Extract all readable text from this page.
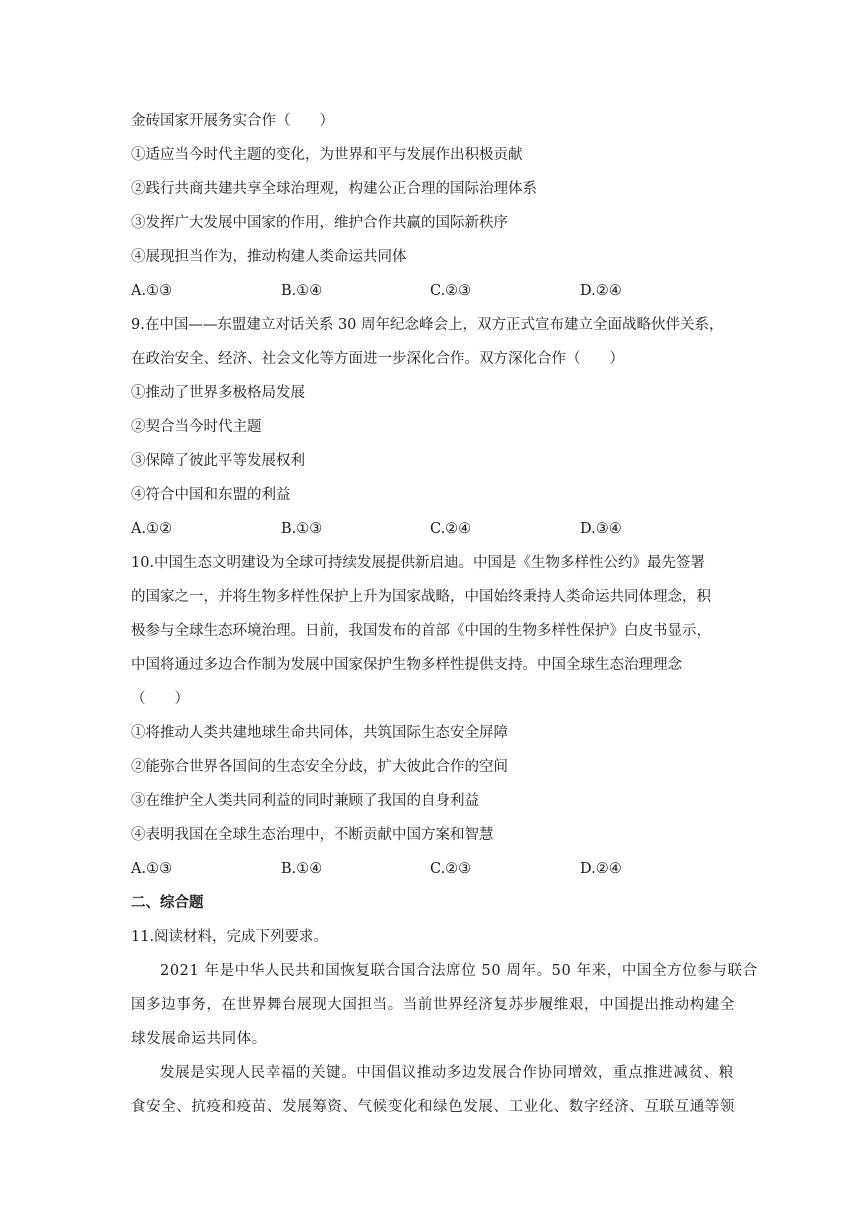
金砖国家开展务实合作（　　）
①适应当今时代主题的变化，为世界和平与发展作出积极贡献
②践行共商共建共享全球治理观，构建公正合理的国际治理体系
③发挥广大发展中国家的作用，维护合作共赢的国际新秩序
④展现担当作为，推动构建人类命运共同体
A.①③	B.①④	C.②③	D.②④
9.在中国——东盟建立对话关系 30 周年纪念峰会上，双方正式宣布建立全面战略伙伴关系，
在政治安全、经济、社会文化等方面进一步深化合作。双方深化合作（　　）
①推动了世界多极格局发展
②契合当今时代主题
③保障了彼此平等发展权利
④符合中国和东盟的利益
A.①②	B.①③	C.②④	D.③④
10.中国生态文明建设为全球可持续发展提供新启迪。中国是《生物多样性公约》最先签署
的国家之一，并将生物多样性保护上升为国家战略，中国始终秉持人类命运共同体理念，积
极参与全球生态环境治理。日前，我国发布的首部《中国的生物多样性保护》白皮书显示，
中国将通过多边合作制为发展中国家保护生物多样性提供支持。中国全球生态治理理念
（　　）
①将推动人类共建地球生命共同体，共筑国际生态安全屏障
②能弥合世界各国间的生态安全分歧，扩大彼此合作的空间
③在维护全人类共同利益的同时兼顾了我国的自身利益
④表明我国在全球生态治理中，不断贡献中国方案和智慧
A.①③	B.①④	C.②③	D.②④
二、综合题
11.阅读材料，完成下列要求。
2021 年是中华人民共和国恢复联合国合法席位 50 周年。50 年来，中国全方位参与联合
国多边事务，在世界舞台展现大国担当。当前世界经济复苏步履维艰，中国提出推动构建全
球发展命运共同体。
发展是实现人民幸福的关键。中国倡议推动多边发展合作协同增效，重点推进减贫、粮
食安全、抗疫和疫苗、发展筹资、气候变化和绿色发展、工业化、数字经济、互联互通等领
